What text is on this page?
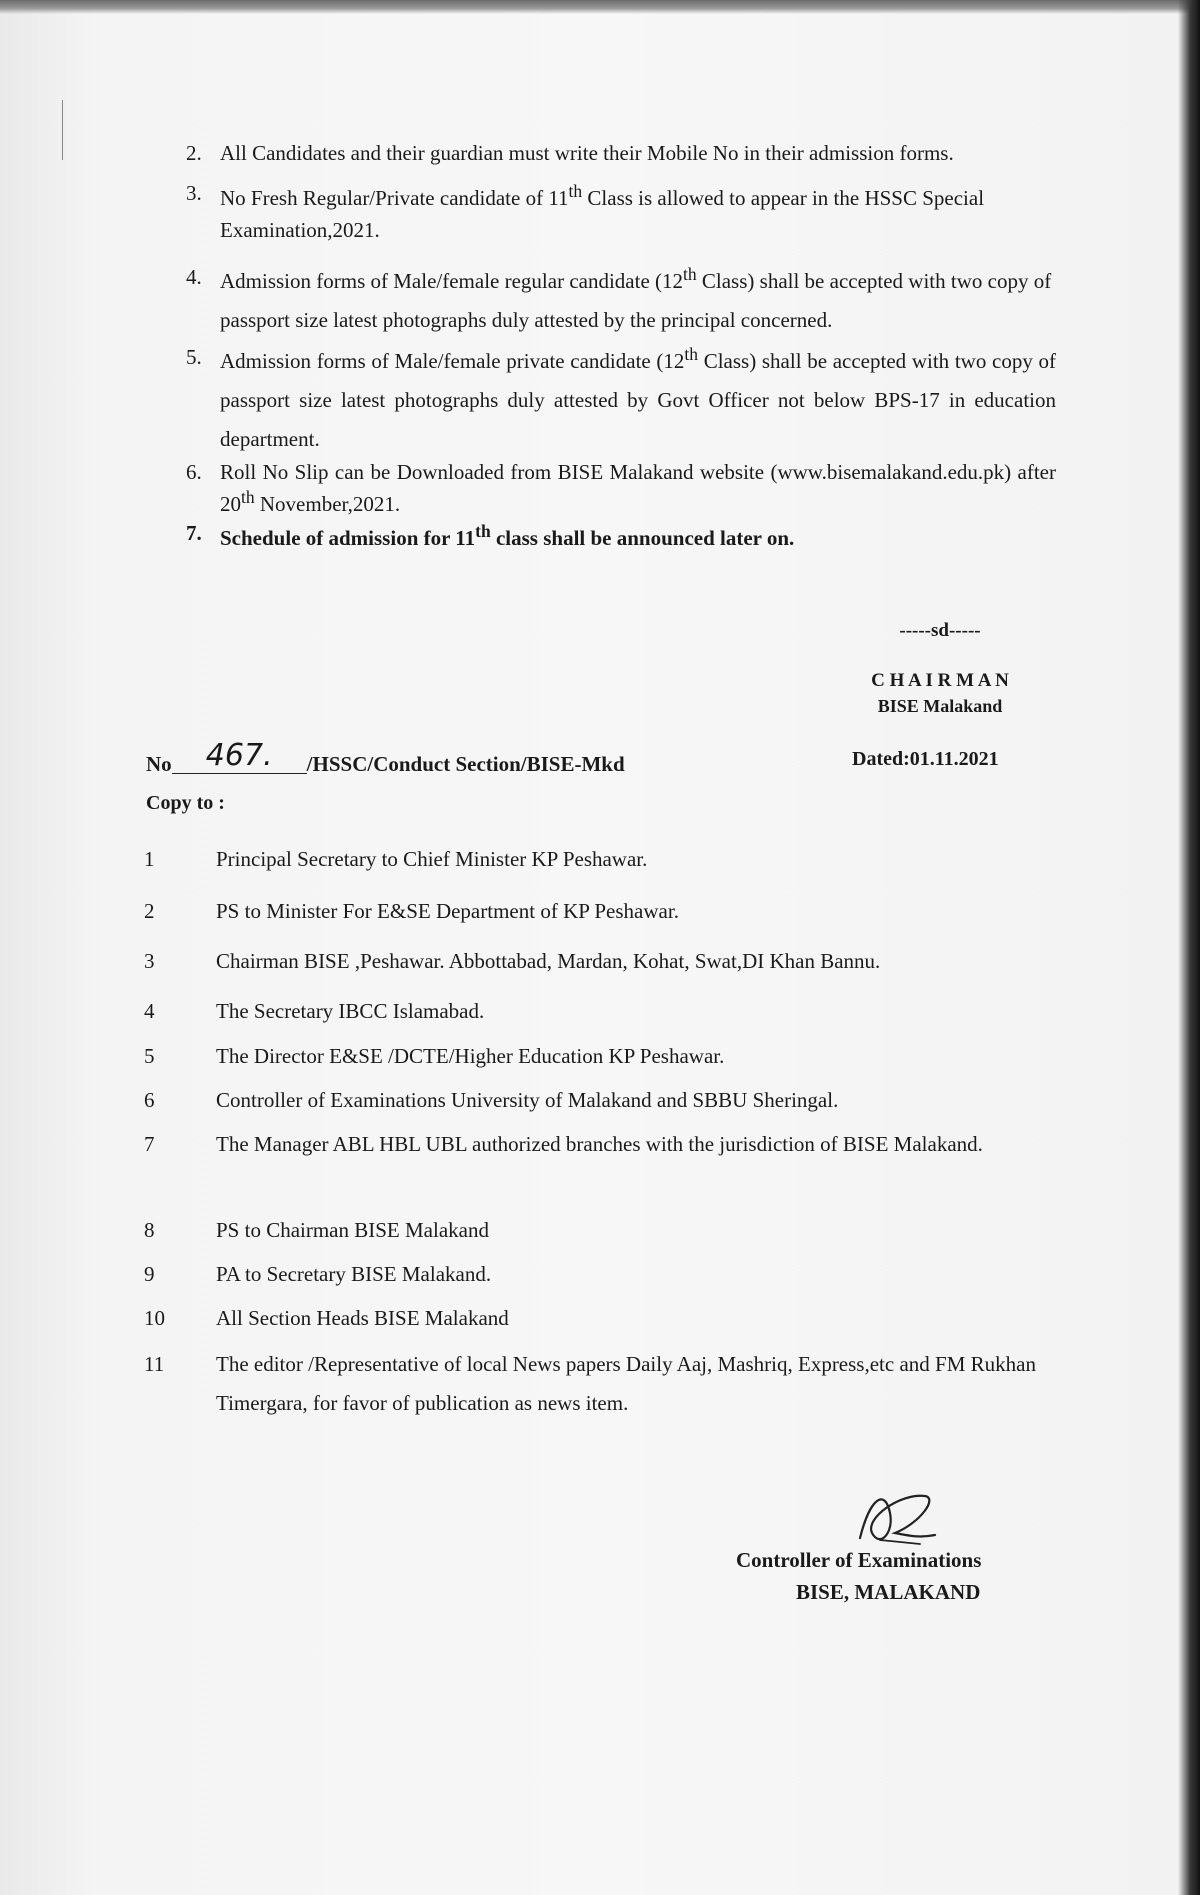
2. All Candidates and their guardian must write their Mobile No in their admission forms.
3. No Fresh Regular/Private candidate of 11th Class is allowed to appear in the HSSC Special Examination,2021.
4. Admission forms of Male/female regular candidate (12th Class) shall be accepted with two copy of passport size latest photographs duly attested by the principal concerned.
5. Admission forms of Male/female private candidate (12th Class) shall be accepted with two copy of passport size latest photographs duly attested by Govt Officer not below BPS-17 in education department.
6. Roll No Slip can be Downloaded from BISE Malakand website (www.bisemalakand.edu.pk) after 20th November,2021.
7. Schedule of admission for 11th class shall be announced later on.
-----sd-----
C H A I R M A N
BISE Malakand
No 467. /HSSC/Conduct Section/BISE-Mkd	Dated:01.11.2021
Copy to :
1	Principal Secretary to Chief Minister KP Peshawar.
2	PS to Minister For E&SE Department of KP Peshawar.
3	Chairman BISE ,Peshawar. Abbottabad, Mardan, Kohat, Swat,DI Khan Bannu.
4	The Secretary IBCC Islamabad.
5	The Director E&SE /DCTE/Higher Education KP Peshawar.
6	Controller of Examinations University of Malakand and SBBU Sheringal.
7	The Manager ABL HBL UBL authorized branches with the jurisdiction of BISE Malakand.
8	PS to Chairman BISE Malakand
9	PA to Secretary BISE Malakand.
10	All Section Heads BISE Malakand
11	The editor /Representative of local News papers Daily Aaj, Mashriq, Express,etc and FM Rukhan Timergara, for favor of publication as news item.
Controller of Examinations
BISE, MALAKAND
